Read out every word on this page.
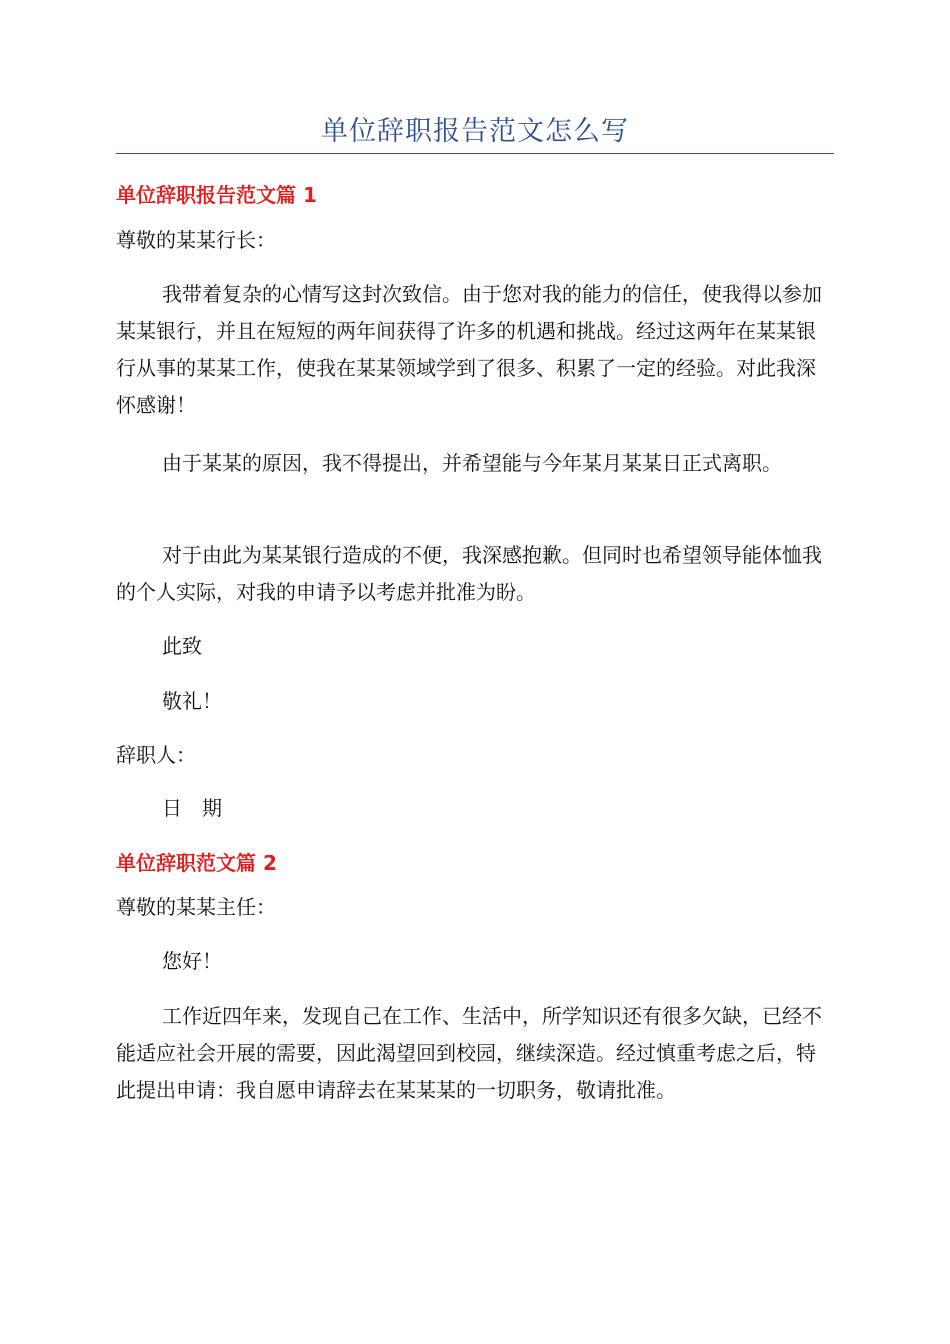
单位辞职报告范文怎么写
单位辞职报告范文篇 1

尊敬的某某行长：

我带着复杂的心情写这封次致信。由于您对我的能力的信任，使我得以参加某某银行，并且在短短的两年间获得了许多的机遇和挑战。经过这两年在某某银行从事的某某工作，使我在某某领域学到了很多、积累了一定的经验。对此我深怀感谢！

由于某某的原因，我不得提出，并希望能与今年某月某某日正式离职。

对于由此为某某银行造成的不便，我深感抱歉。但同时也希望领导能体恤我的个人实际，对我的申请予以考虑并批准为盼。

此致

敬礼！

辞职人：

日　期

单位辞职范文篇 2

尊敬的某某主任：

您好！

工作近四年来，发现自己在工作、生活中，所学知识还有很多欠缺，已经不能适应社会开展的需要，因此渴望回到校园，继续深造。经过慎重考虑之后，特此提出申请：我自愿申请辞去在某某某的一切职务，敬请批准。
